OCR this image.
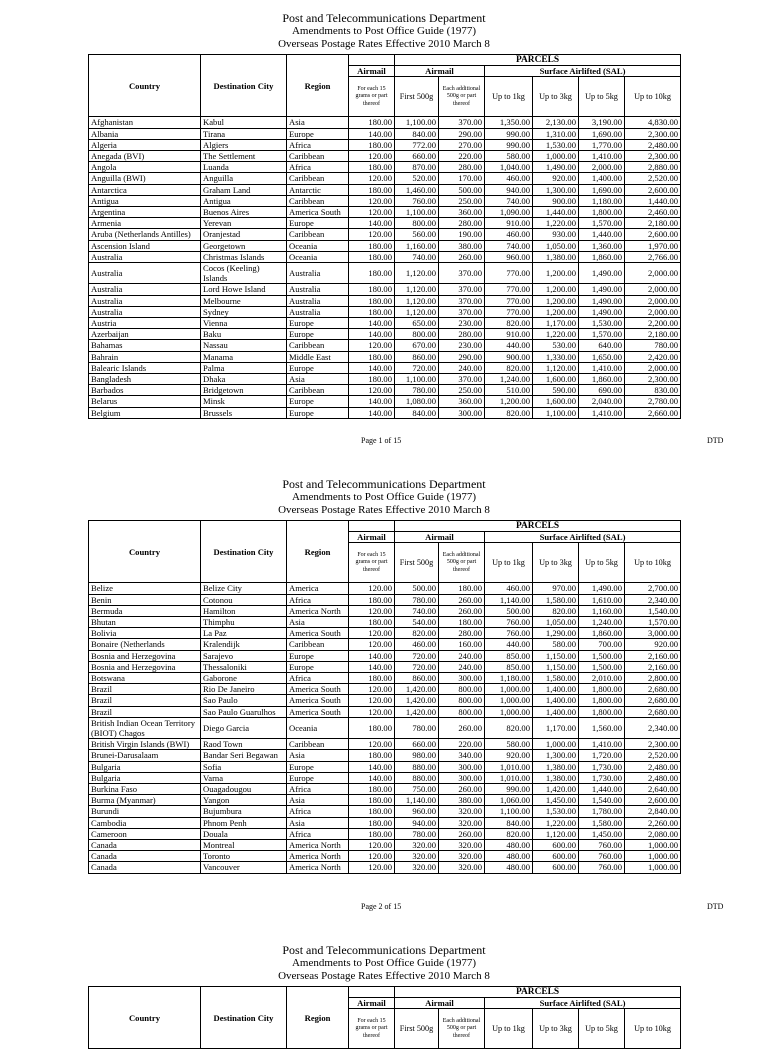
Post and Telecommunications Department
Amendments to Post Office Guide (1977)
Overseas Postage Rates Effective 2010 March 8
Country	Destination City	Region		PARCELS					
			Airmail	Airmail		Surface Airlifted (SAL)			
			For each 15 grams or part thereof	First 500g	Each additional 500g or part thereof	Up to 1kg	Up to 3kg	Up to 5kg	Up to 10kg
Afghanistan	Kabul	Asia	180.00	1,100.00	370.00	1,350.00	2,130.00	3,190.00	4,830.00
Albania	Tirana	Europe	140.00	840.00	290.00	990.00	1,310.00	1,690.00	2,300.00
Algeria	Algiers	Africa	180.00	772.00	270.00	990.00	1,530.00	1,770.00	2,480.00
Anegada (BVI)	The Settlement	Caribbean	120.00	660.00	220.00	580.00	1,000.00	1,410.00	2,300.00
Angola	Luanda	Africa	180.00	870.00	280.00	1,040.00	1,490.00	2,000.00	2,880.00
Anguilla (BWI)	Anguilla	Caribbean	120.00	520.00	170.00	460.00	920.00	1,400.00	2,520.00
Antarctica	Graham Land	Antarctic	180.00	1,460.00	500.00	940.00	1,300.00	1,690.00	2,600.00
Antigua	Antigua	Caribbean	120.00	760.00	250.00	740.00	900.00	1,180.00	1,440.00
Argentina	Buenos Aires	America South	120.00	1,100.00	360.00	1,090.00	1,440.00	1,800.00	2,460.00
Armenia	Yerevan	Europe	140.00	800.00	280.00	910.00	1,220.00	1,570.00	2,180.00
Aruba (Netherlands Antilles)	Oranjestad	Caribbean	120.00	560.00	190.00	460.00	930.00	1,440.00	2,600.00
Ascension Island	Georgetown	Oceania	180.00	1,160.00	380.00	740.00	1,050.00	1,360.00	1,970.00
Australia	Christmas Islands	Oceania	180.00	740.00	260.00	960.00	1,380.00	1,860.00	2,766.00
Australia	Cocos (Keeling) Islands	Australia	180.00	1,120.00	370.00	770.00	1,200.00	1,490.00	2,000.00
Australia	Lord Howe Island	Australia	180.00	1,120.00	370.00	770.00	1,200.00	1,490.00	2,000.00
Australia	Melbourne	Australia	180.00	1,120.00	370.00	770.00	1,200.00	1,490.00	2,000.00
Australia	Sydney	Australia	180.00	1,120.00	370.00	770.00	1,200.00	1,490.00	2,000.00
Austria	Vienna	Europe	140.00	650.00	230.00	820.00	1,170.00	1,530.00	2,200.00
Azerbaijan	Baku	Europe	140.00	800.00	280.00	910.00	1,220.00	1,570.00	2,180.00
Bahamas	Nassau	Caribbean	120.00	670.00	230.00	440.00	530.00	640.00	780.00
Bahrain	Manama	Middle East	180.00	860.00	290.00	900.00	1,330.00	1,650.00	2,420.00
Balearic Islands	Palma	Europe	140.00	720.00	240.00	820.00	1,120.00	1,410.00	2,000.00
Bangladesh	Dhaka	Asia	180.00	1,100.00	370.00	1,240.00	1,600.00	1,860.00	2,300.00
Barbados	Bridgetown	Caribbean	120.00	780.00	250.00	510.00	590.00	690.00	830.00
Belarus	Minsk	Europe	140.00	1,080.00	360.00	1,200.00	1,600.00	2,040.00	2,780.00
Belgium	Brussels	Europe	140.00	840.00	300.00	820.00	1,100.00	1,410.00	2,660.00
Page 1 of 15	DTD
Post and Telecommunications Department
Amendments to Post Office Guide (1977)
Overseas Postage Rates Effective 2010 March 8
Country	Destination City	Region		PARCELS					
			Airmail	Airmail		Surface Airlifted (SAL)			
			For each 15 grams or part thereof	First 500g	Each additional 500g or part thereof	Up to 1kg	Up to 3kg	Up to 5kg	Up to 10kg
Belize	Belize City	America	120.00	500.00	180.00	460.00	970.00	1,490.00	2,700.00
Benin	Cotonou	Africa	180.00	780.00	260.00	1,140.00	1,580.00	1,610.00	2,340.00
Bermuda	Hamilton	America North	120.00	740.00	260.00	500.00	820.00	1,160.00	1,540.00
Bhutan	Thimphu	Asia	180.00	540.00	180.00	760.00	1,050.00	1,240.00	1,570.00
Bolivia	La Paz	America South	120.00	820.00	280.00	760.00	1,290.00	1,860.00	3,000.00
Bonaire (Netherlands	Kralendijk	Caribbean	120.00	460.00	160.00	440.00	580.00	700.00	920.00
Bosnia and Herzegovina	Sarajevo	Europe	140.00	720.00	240.00	850.00	1,150.00	1,500.00	2,160.00
Bosnia and Herzegovina	Thessaloniki	Europe	140.00	720.00	240.00	850.00	1,150.00	1,500.00	2,160.00
Botswana	Gaborone	Africa	180.00	860.00	300.00	1,180.00	1,580.00	2,010.00	2,800.00
Brazil	Rio De Janeiro	America South	120.00	1,420.00	800.00	1,000.00	1,400.00	1,800.00	2,680.00
Brazil	Sao Paulo	America South	120.00	1,420.00	800.00	1,000.00	1,400.00	1,800.00	2,680.00
Brazil	Sao Paulo Guarulhos	America South	120.00	1,420.00	800.00	1,000.00	1,400.00	1,800.00	2,680.00
British Indian Ocean Territory (BIOT) Chagos	Diego Garcia	Oceania	180.00	780.00	260.00	820.00	1,170.00	1,560.00	2,340.00
British Virgin Islands (BWI)	Raod Town	Caribbean	120.00	660.00	220.00	580.00	1,000.00	1,410.00	2,300.00
Brunei-Darusalaam	Bandar Seri Begawan	Asia	180.00	980.00	340.00	920.00	1,300.00	1,720.00	2,520.00
Bulgaria	Sofia	Europe	140.00	880.00	300.00	1,010.00	1,380.00	1,730.00	2,480.00
Bulgaria	Varna	Europe	140.00	880.00	300.00	1,010.00	1,380.00	1,730.00	2,480.00
Burkina Faso	Ouagadougou	Africa	180.00	750.00	260.00	990.00	1,420.00	1,440.00	2,640.00
Burma (Myanmar)	Yangon	Asia	180.00	1,140.00	380.00	1,060.00	1,450.00	1,540.00	2,600.00
Burundi	Bujumbura	Africa	180.00	960.00	320.00	1,100.00	1,530.00	1,780.00	2,840.00
Cambodia	Phnom Penh	Asia	180.00	940.00	320.00	840.00	1,220.00	1,580.00	2,260.00
Cameroon	Douala	Africa	180.00	780.00	260.00	820.00	1,120.00	1,450.00	2,080.00
Canada	Montreal	America North	120.00	320.00	320.00	480.00	600.00	760.00	1,000.00
Canada	Toronto	America North	120.00	320.00	320.00	480.00	600.00	760.00	1,000.00
Canada	Vancouver	America North	120.00	320.00	320.00	480.00	600.00	760.00	1,000.00
Page 2 of 15	DTD
Post and Telecommunications Department
Amendments to Post Office Guide (1977)
Overseas Postage Rates Effective 2010 March 8
Country	Destination City	Region		PARCELS					
			Airmail	Airmail		Surface Airlifted (SAL)			
			For each 15 grams or part thereof	First 500g	Each additional 500g or part thereof	Up to 1kg	Up to 3kg	Up to 5kg	Up to 10kg
